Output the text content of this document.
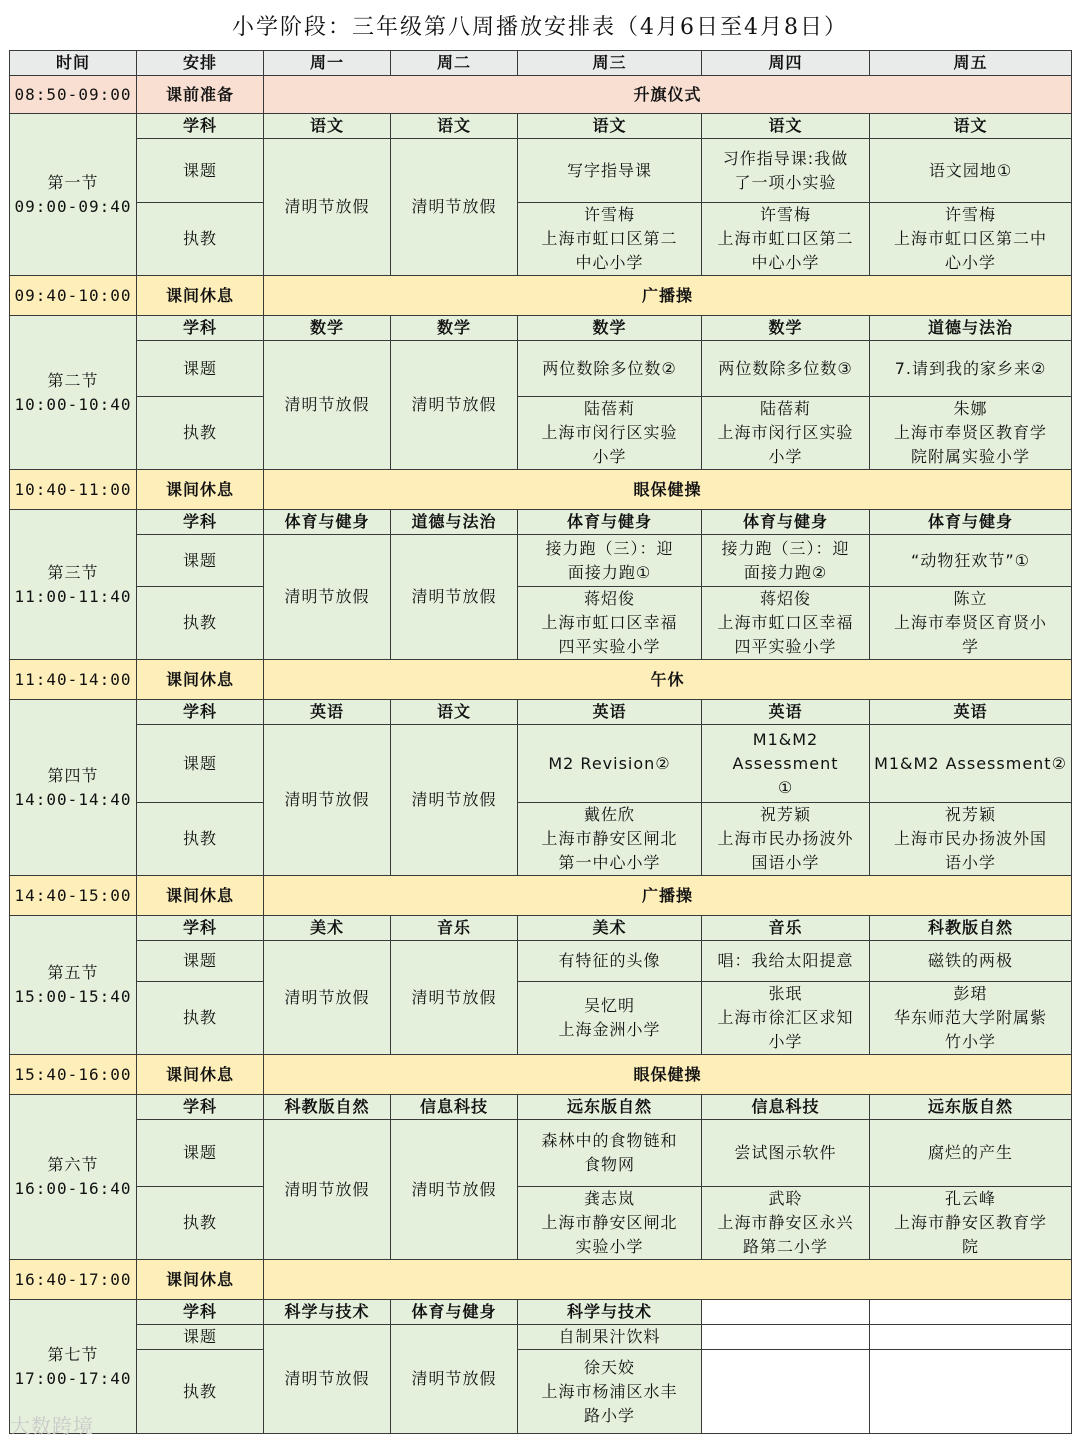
小学阶段：三年级第八周播放安排表（4月6日至4月8日）
时间	安排	周一	周二	周三	周四	周五
08:50-09:00	课前准备	升旗仪式				

第一节
09:00-09:40	学科	语文	语文	语文	语文	语文
	课题	清明节放假	清明节放假	写字指导课	习作指导课:我做
了一项小实验	语文园地①

	执教			许雪梅
上海市虹口区第二
中心小学	许雪梅
上海市虹口区第二
中心小学	许雪梅
上海市虹口区第二中
心小学

09:40-10:00	课间休息	广播操				

第二节
10:00-10:40	学科	数学	数学	数学	数学	道德与法治
	课题	清明节放假	清明节放假	两位数除多位数②	两位数除多位数③	7.请到我的家乡来②

	执教			陆蓓莉
上海市闵行区实验
小学	陆蓓莉
上海市闵行区实验
小学	朱娜
上海市奉贤区教育学
院附属实验小学

10:40-11:00	课间休息	眼保健操				

第三节
11:00-11:40	学科	体育与健身	道德与法治	体育与健身	体育与健身	体育与健身
	课题	清明节放假	清明节放假	接力跑（三）：迎
面接力跑①	接力跑（三）：迎
面接力跑②	“动物狂欢节”①

	执教			蒋炤俊
上海市虹口区幸福
四平实验小学	蒋炤俊
上海市虹口区幸福
四平实验小学	陈立
上海市奉贤区育贤小
学

11:40-14:00	课间休息	午休				

第四节
14:00-14:40	学科	英语	语文	英语	英语	英语
	课题	清明节放假	清明节放假	M2 Revision②	M1&M2 Assessment
①	M1&M2 Assessment②

	执教			戴佐欣
上海市静安区闸北
第一中心小学	祝芳颖
上海市民办扬波外
国语小学	祝芳颖
上海市民办扬波外国
语小学

14:40-15:00	课间休息	广播操				

第五节
15:00-15:40	学科	美术	音乐	美术	音乐	科教版自然
	课题	清明节放假	清明节放假	有特征的头像	唱：我给太阳提意	磁铁的两极

	执教			吴忆明
上海金洲小学	张珉
上海市徐汇区求知
小学	彭珺
华东师范大学附属紫
竹小学

15:40-16:00	课间休息	眼保健操				

第六节
16:00-16:40	学科	科教版自然	信息科技	远东版自然	信息科技	远东版自然
	课题	清明节放假	清明节放假	森林中的食物链和
食物网	尝试图示软件	腐烂的产生

	执教			龚志岚
上海市静安区闸北
实验小学	武聆
上海市静安区永兴
路第二小学	孔云峰
上海市静安区教育学
院

16:40-17:00	课间休息					

第七节
17:00-17:40	学科	科学与技术	体育与健身	科学与技术		
	课题	清明节放假	清明节放假	自制果汁饮料		

	执教			徐天姣
上海市杨浦区水丰
路小学		

大数跨境
